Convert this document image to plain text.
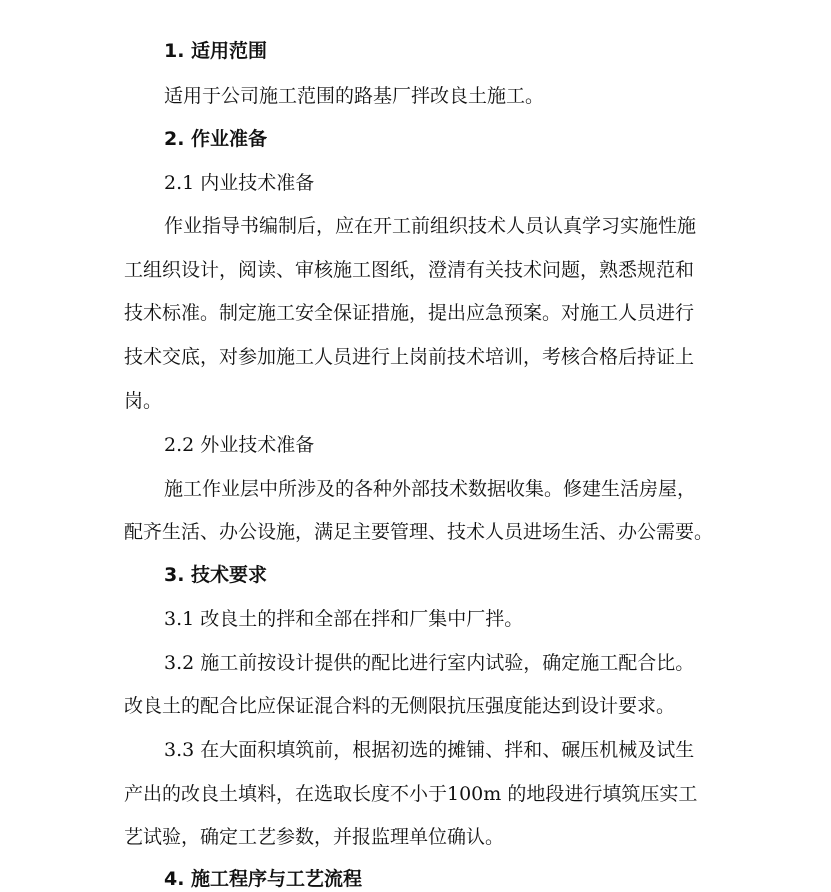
1. 适用范围
适用于公司施工范围的路基厂拌改良土施工。
2. 作业准备
2.1 内业技术准备
作业指导书编制后，应在开工前组织技术人员认真学习实施性施
工组织设计，阅读、审核施工图纸，澄清有关技术问题，熟悉规范和
技术标准。制定施工安全保证措施，提出应急预案。对施工人员进行
技术交底，对参加施工人员进行上岗前技术培训，考核合格后持证上
岗。
2.2 外业技术准备
施工作业层中所涉及的各种外部技术数据收集。修建生活房屋，
配齐生活、办公设施，满足主要管理、技术人员进场生活、办公需要。
3. 技术要求
3.1 改良土的拌和全部在拌和厂集中厂拌。
3.2 施工前按设计提供的配比进行室内试验，确定施工配合比。
改良土的配合比应保证混合料的无侧限抗压强度能达到设计要求。
3.3 在大面积填筑前，根据初选的摊铺、拌和、碾压机械及试生
产出的改良土填料，在选取长度不小于100m 的地段进行填筑压实工
艺试验，确定工艺参数，并报监理单位确认。
4. 施工程序与工艺流程
